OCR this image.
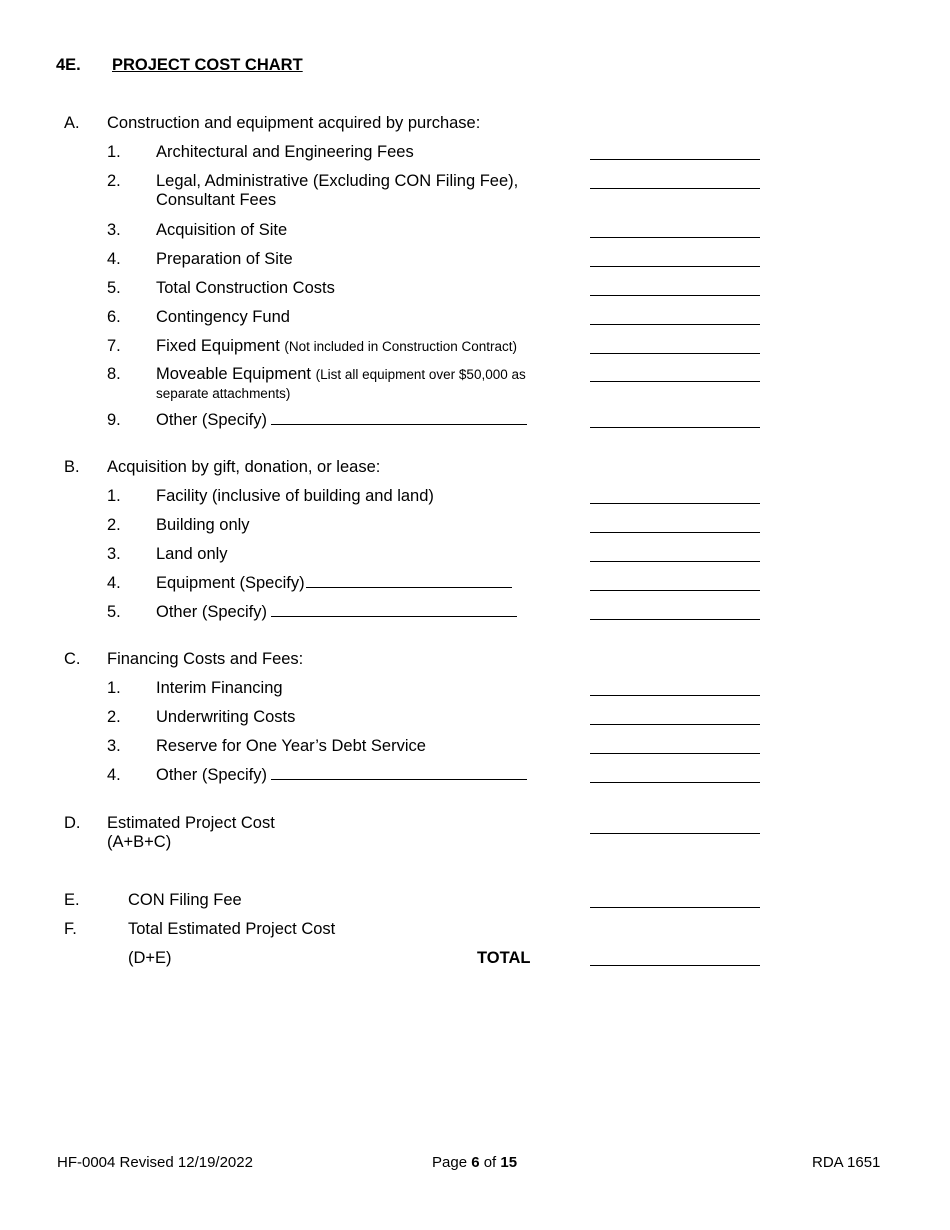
4E. PROJECT COST CHART
A. Construction and equipment acquired by purchase:
1. Architectural and Engineering Fees
2. Legal, Administrative (Excluding CON Filing Fee),
Consultant Fees
3. Acquisition of Site
4. Preparation of Site
5. Total Construction Costs
6. Contingency Fund
7. Fixed Equipment (Not included in Construction Contract)
8. Moveable Equipment (List all equipment over $50,000 as
separate attachments)
9. Other (Specify)
B. Acquisition by gift, donation, or lease:
1. Facility (inclusive of building and land)
2. Building only
3. Land only
4. Equipment (Specify)
5. Other (Specify)
C. Financing Costs and Fees:
1. Interim Financing
2. Underwriting Costs
3. Reserve for One Year’s Debt Service
4. Other (Specify)
D. Estimated Project Cost
(A+B+C)
E.	CON Filing Fee
F.	Total Estimated Project Cost
(D+E)	TOTAL
HF-0004 Revised 12/19/2022	Page 6 of 15	RDA 1651
